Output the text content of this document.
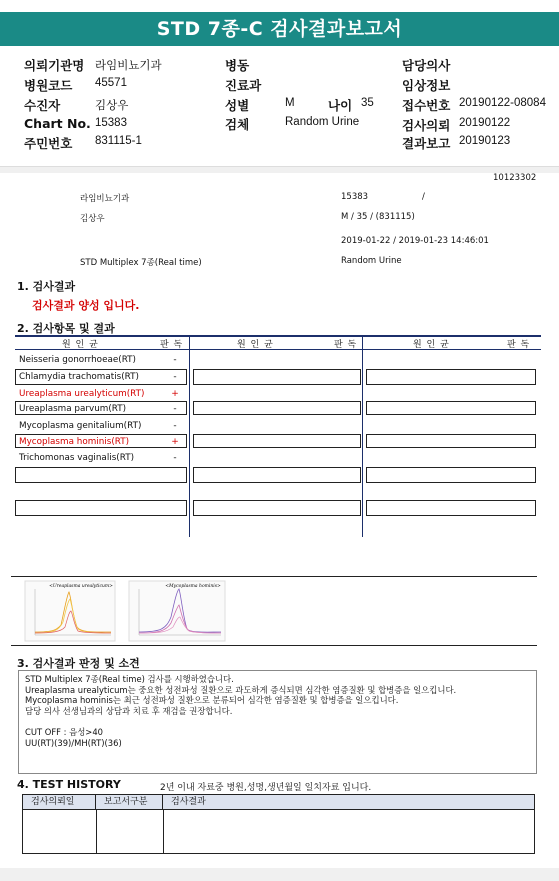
STD 7종-C 검사결과보고서
의뢰기관명 라임비뇨기과
병원코드 45571
수진자	김상우
Chart No. 15383
주민번호 831115-1
병동
진료과
성별	M	나이 35
검체	Random Urine
담당의사
임상정보
접수번호 20190122-08084
검사의뢰 20190122
결과보고 20190123
10123302
라임비뇨기과	15383	/
김상우	M / 35 / (831115)
2019-01-22 / 2019-01-23 14:46:01
STD Multiplex 7종(Real time)	Random Urine
1. 검사결과
검사결과 양성 입니다.
2. 검사항목 및 결과
원 인 균	판 독	원 인 균	판 독	원 인 균	판 독
Neisseria gonorrhoeae(RT)	-
Chlamydia trachomatis(RT)	-
Ureaplasma urealyticum(RT)	+
Ureaplasma parvum(RT)	-
Mycoplasma genitalium(RT)	-
Mycoplasma hominis(RT)	+
Trichomonas vaginalis(RT)	-
<Ureaplasma urealyticum>	<Mycoplasma hominis>
3. 검사결과 판정 및 소견
STD Multiplex 7종(Real time) 검사를 시행하였습니다.
Ureaplasma urealyticum는 중요한 성전파성 질환으로 과도하게 증식되면 심각한 염증질환 및 합병증을 일으킵니다.
Mycoplasma hominis는 최근 성전파성 질환으로 분류되어 심각한 염증질환 및 합병증을 일으킵니다.
담당 의사 선생님과의 상담과 치료 후 재검을 권장합니다.
CUT OFF : 음성>40
UU(RT)(39)/MH(RT)(36)
4. TEST HISTORY	2년 이내 자료중 병원,성명,생년월일 일치자료 입니다.
검사의뢰일	보고서구분	검사결과
